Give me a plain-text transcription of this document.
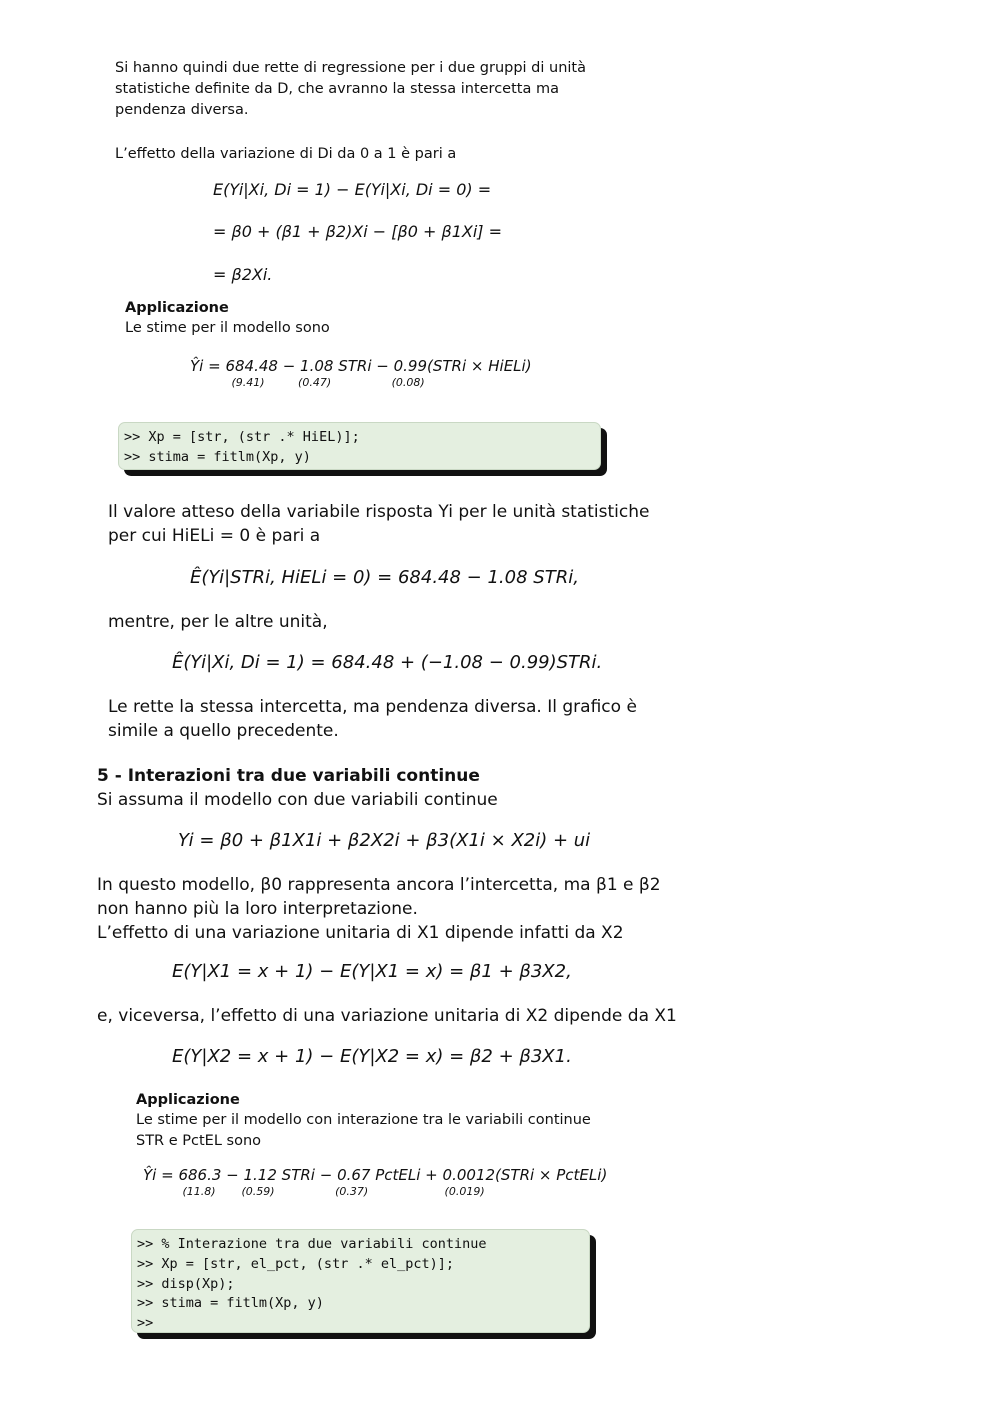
Si hanno quindi due rette di regressione per i due gruppi di unità
statistiche definite da D, che avranno la stessa intercetta ma
pendenza diversa.
L’effetto della variazione di Di da 0 a 1 è pari a
E(Yi|Xi, Di = 1) − E(Yi|Xi, Di = 0) =
= β0 + (β1 + β2)Xi − [β0 + β1Xi] =
= β2Xi.
Applicazione
Le stime per il modello sono
Ŷi = 684.48
(9.41)
− 1.08
(0.47)
STRi − 0.99
(0.08)
(STRi × HiELi)
>> Xp = [str, (str .* HiEL)];
>> stima = fitlm(Xp, y)
Il valore atteso della variabile risposta Yi per le unità statistiche
per cui HiELi = 0 è pari a
Ê(Yi|STRi, HiELi = 0) = 684.48 − 1.08 STRi,
mentre, per le altre unità,
Ê(Yi|Xi, Di = 1) = 684.48 + (−1.08 − 0.99)STRi.
Le rette la stessa intercetta, ma pendenza diversa. Il grafico è
simile a quello precedente.
5 - Interazioni tra due variabili continue
Si assuma il modello con due variabili continue
Yi = β0 + β1X1i + β2X2i + β3(X1i × X2i) + ui
In questo modello, β0 rappresenta ancora l’intercetta, ma β1 e β2
non hanno più la loro interpretazione.
L’effetto di una variazione unitaria di X1 dipende infatti da X2
E(Y|X1 = x + 1) − E(Y|X1 = x) = β1 + β3X2,
e, viceversa, l’effetto di una variazione unitaria di X2 dipende da X1
E(Y|X2 = x + 1) − E(Y|X2 = x) = β2 + β3X1.
Applicazione
Le stime per il modello con interazione tra le variabili continue
STR e PctEL sono
Ŷi = 686.3
(11.8)
− 1.12
(0.59)
STRi − 0.67
(0.37)
PctELi + 0.0012
(0.019)
(STRi × PctELi)
>> % Interazione tra due variabili continue
>> Xp = [str, el_pct, (str .* el_pct)];
>> disp(Xp);
>> stima = fitlm(Xp, y)
>>
